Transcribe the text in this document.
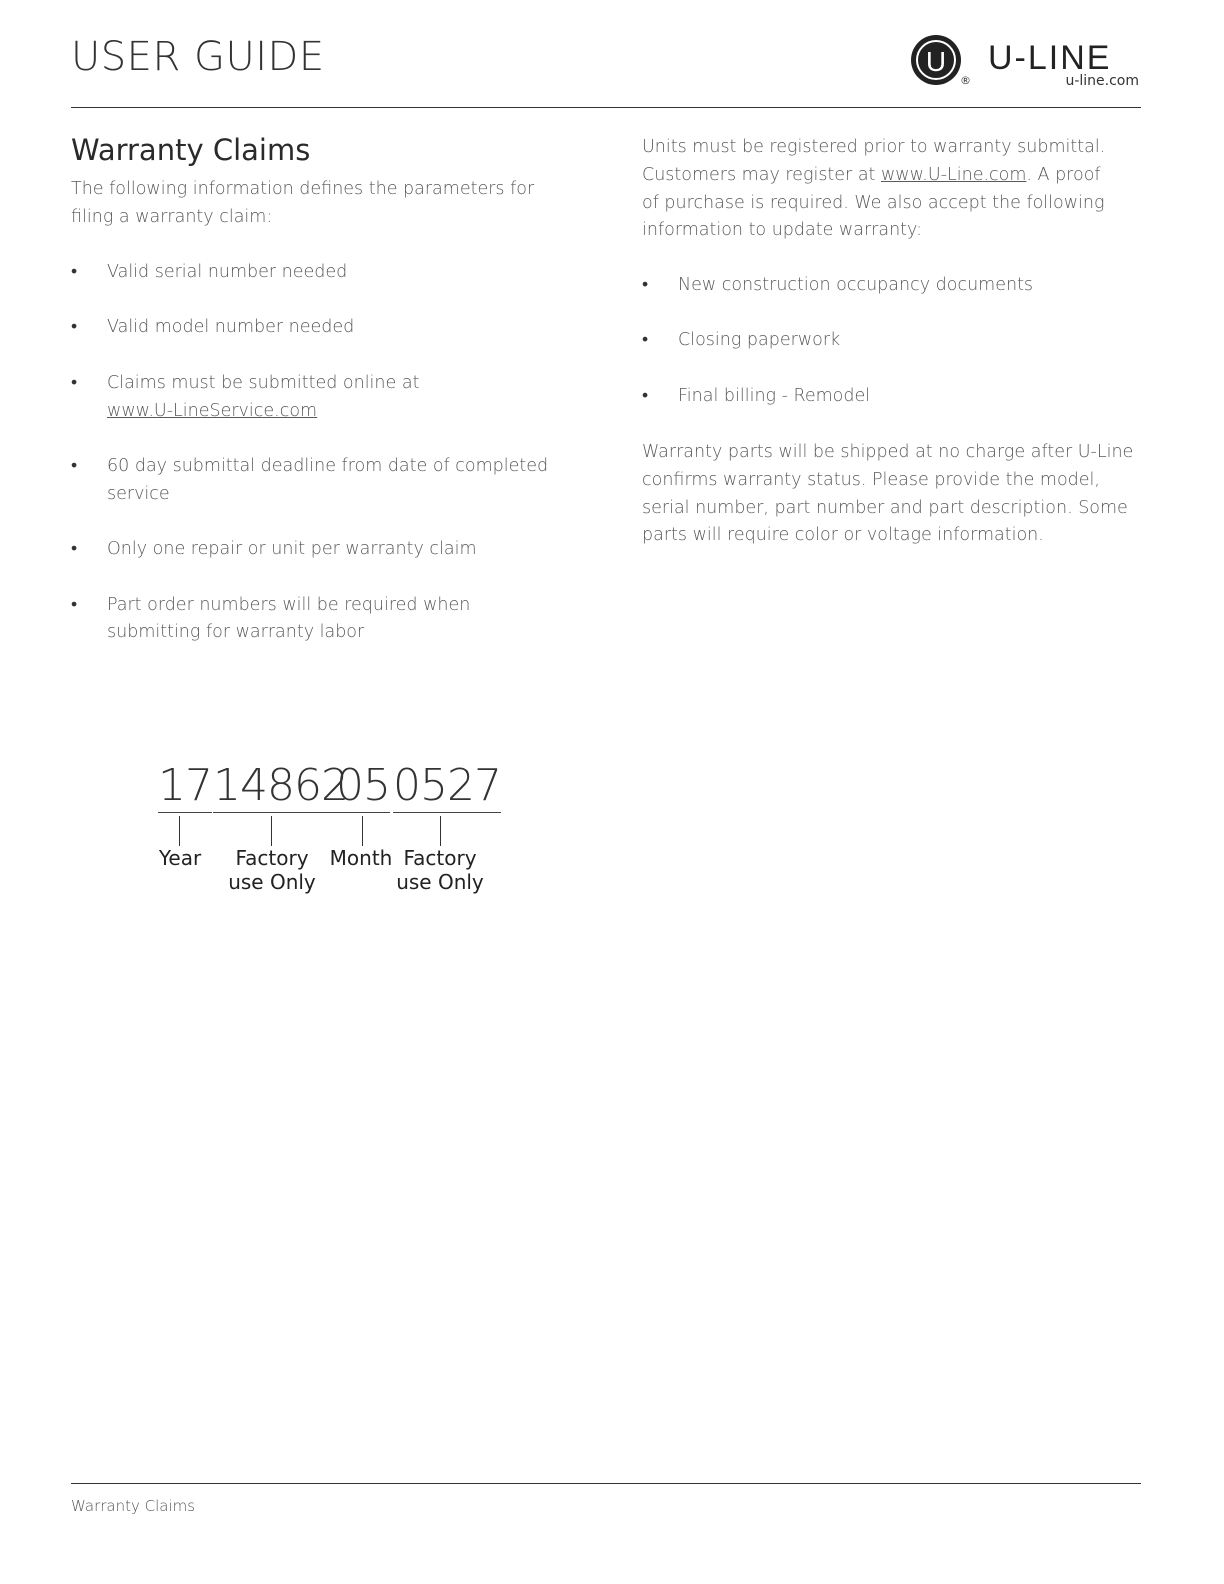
USER GUIDE	U
®
U-LINE
u-line.com
Warranty Claims

The following information defines the parameters for filing a warranty claim:

• Valid serial number needed
• Valid model number needed
• Claims must be submitted online at
www.U-LineService.com
• 60 day submittal deadline from date of completed service
• Only one repair or unit per warranty claim
• Part order numbers will be required when submitting for warranty labor

Units must be registered prior to warranty submittal. Customers may register at www.U-Line.com. A proof of purchase is required. We also accept the following information to update warranty:

• New construction occupancy documents
• Closing paperwork
• Final billing - Remodel

Warranty parts will be shipped at no charge after U-Line confirms warranty status. Please provide the model, serial number, part number and part description. Some parts will require color or voltage information.

17 14862
05 0527
Year	Factory
use Only
Month Factory
use Only
Warranty Claims
